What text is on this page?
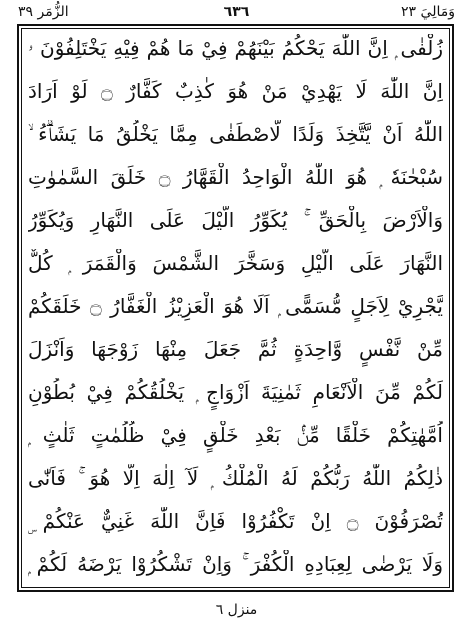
وَمَالِيَ ٢٣
٦٣٦
الزُّمَر ٣٩
زُلْفٰى ۭ اِنَّ اللّٰهَ يَحْكُمُ بَيْنَهُمْ فِيْ مَا هُمْ فِيْهِ يَخْتَلِفُوْنَ ۥ
اِنَّ اللّٰهَ لَا يَهْدِيْ مَنْ هُوَ كٰذِبٌ كَفَّارٌ ۝ لَوْ اَرَادَ
اللّٰهُ اَنْ يَّتَّخِذَ وَلَدًا لَّاصْطَفٰى مِمَّا يَخْلُقُ مَا يَشَاۗءُ ۙ
سُبْحٰنَهٗ ۭ هُوَ اللّٰهُ الْوَاحِدُ الْقَهَّارُ ۝ خَلَقَ السَّمٰوٰتِ
وَالْاَرْضَ بِالْحَقِّ ۚ يُكَوِّرُ الَّيْلَ عَلَى النَّهَارِ وَيُكَوِّرُ
النَّهَارَ عَلَى الَّيْلِ وَسَخَّرَ الشَّمْسَ وَالْقَمَرَ ۭ كُلٌّ
يَّجْرِيْ لِاَجَلٍ مُّسَمًّى ۭ اَلَا هُوَ الْعَزِيْزُ الْغَفَّارُ ۝ خَلَقَكُمْ
مِّنْ نَّفْسٍ وَّاحِدَةٍ ثُمَّ جَعَلَ مِنْهَا زَوْجَهَا وَاَنْزَلَ
لَكُمْ مِّنَ الْاَنْعَامِ ثَمٰنِيَةَ اَزْوَاجٍ ۭ يَخْلُقُكُمْ فِيْ بُطُوْنِ
اُمَّهٰتِكُمْ خَلْقًا مِّنْۢ بَعْدِ خَلْقٍ فِيْ ظُلُمٰتٍ ثَلٰثٍ ۭ
ذٰلِكُمُ اللّٰهُ رَبُّكُمْ لَهُ الْمُلْكُ ۭ لَآ اِلٰهَ اِلَّا هُوَ ۚ فَاَنّٰى
تُصْرَفُوْنَ ۝ اِنْ تَكْفُرُوْا فَاِنَّ اللّٰهَ غَنِيٌّ عَنْكُمْ ۣ
وَلَا يَرْضٰى لِعِبَادِهِ الْكُفْرَ ۚ وَاِنْ تَشْكُرُوْا يَرْضَهُ لَكُمْ ۭ
منزل ٦
